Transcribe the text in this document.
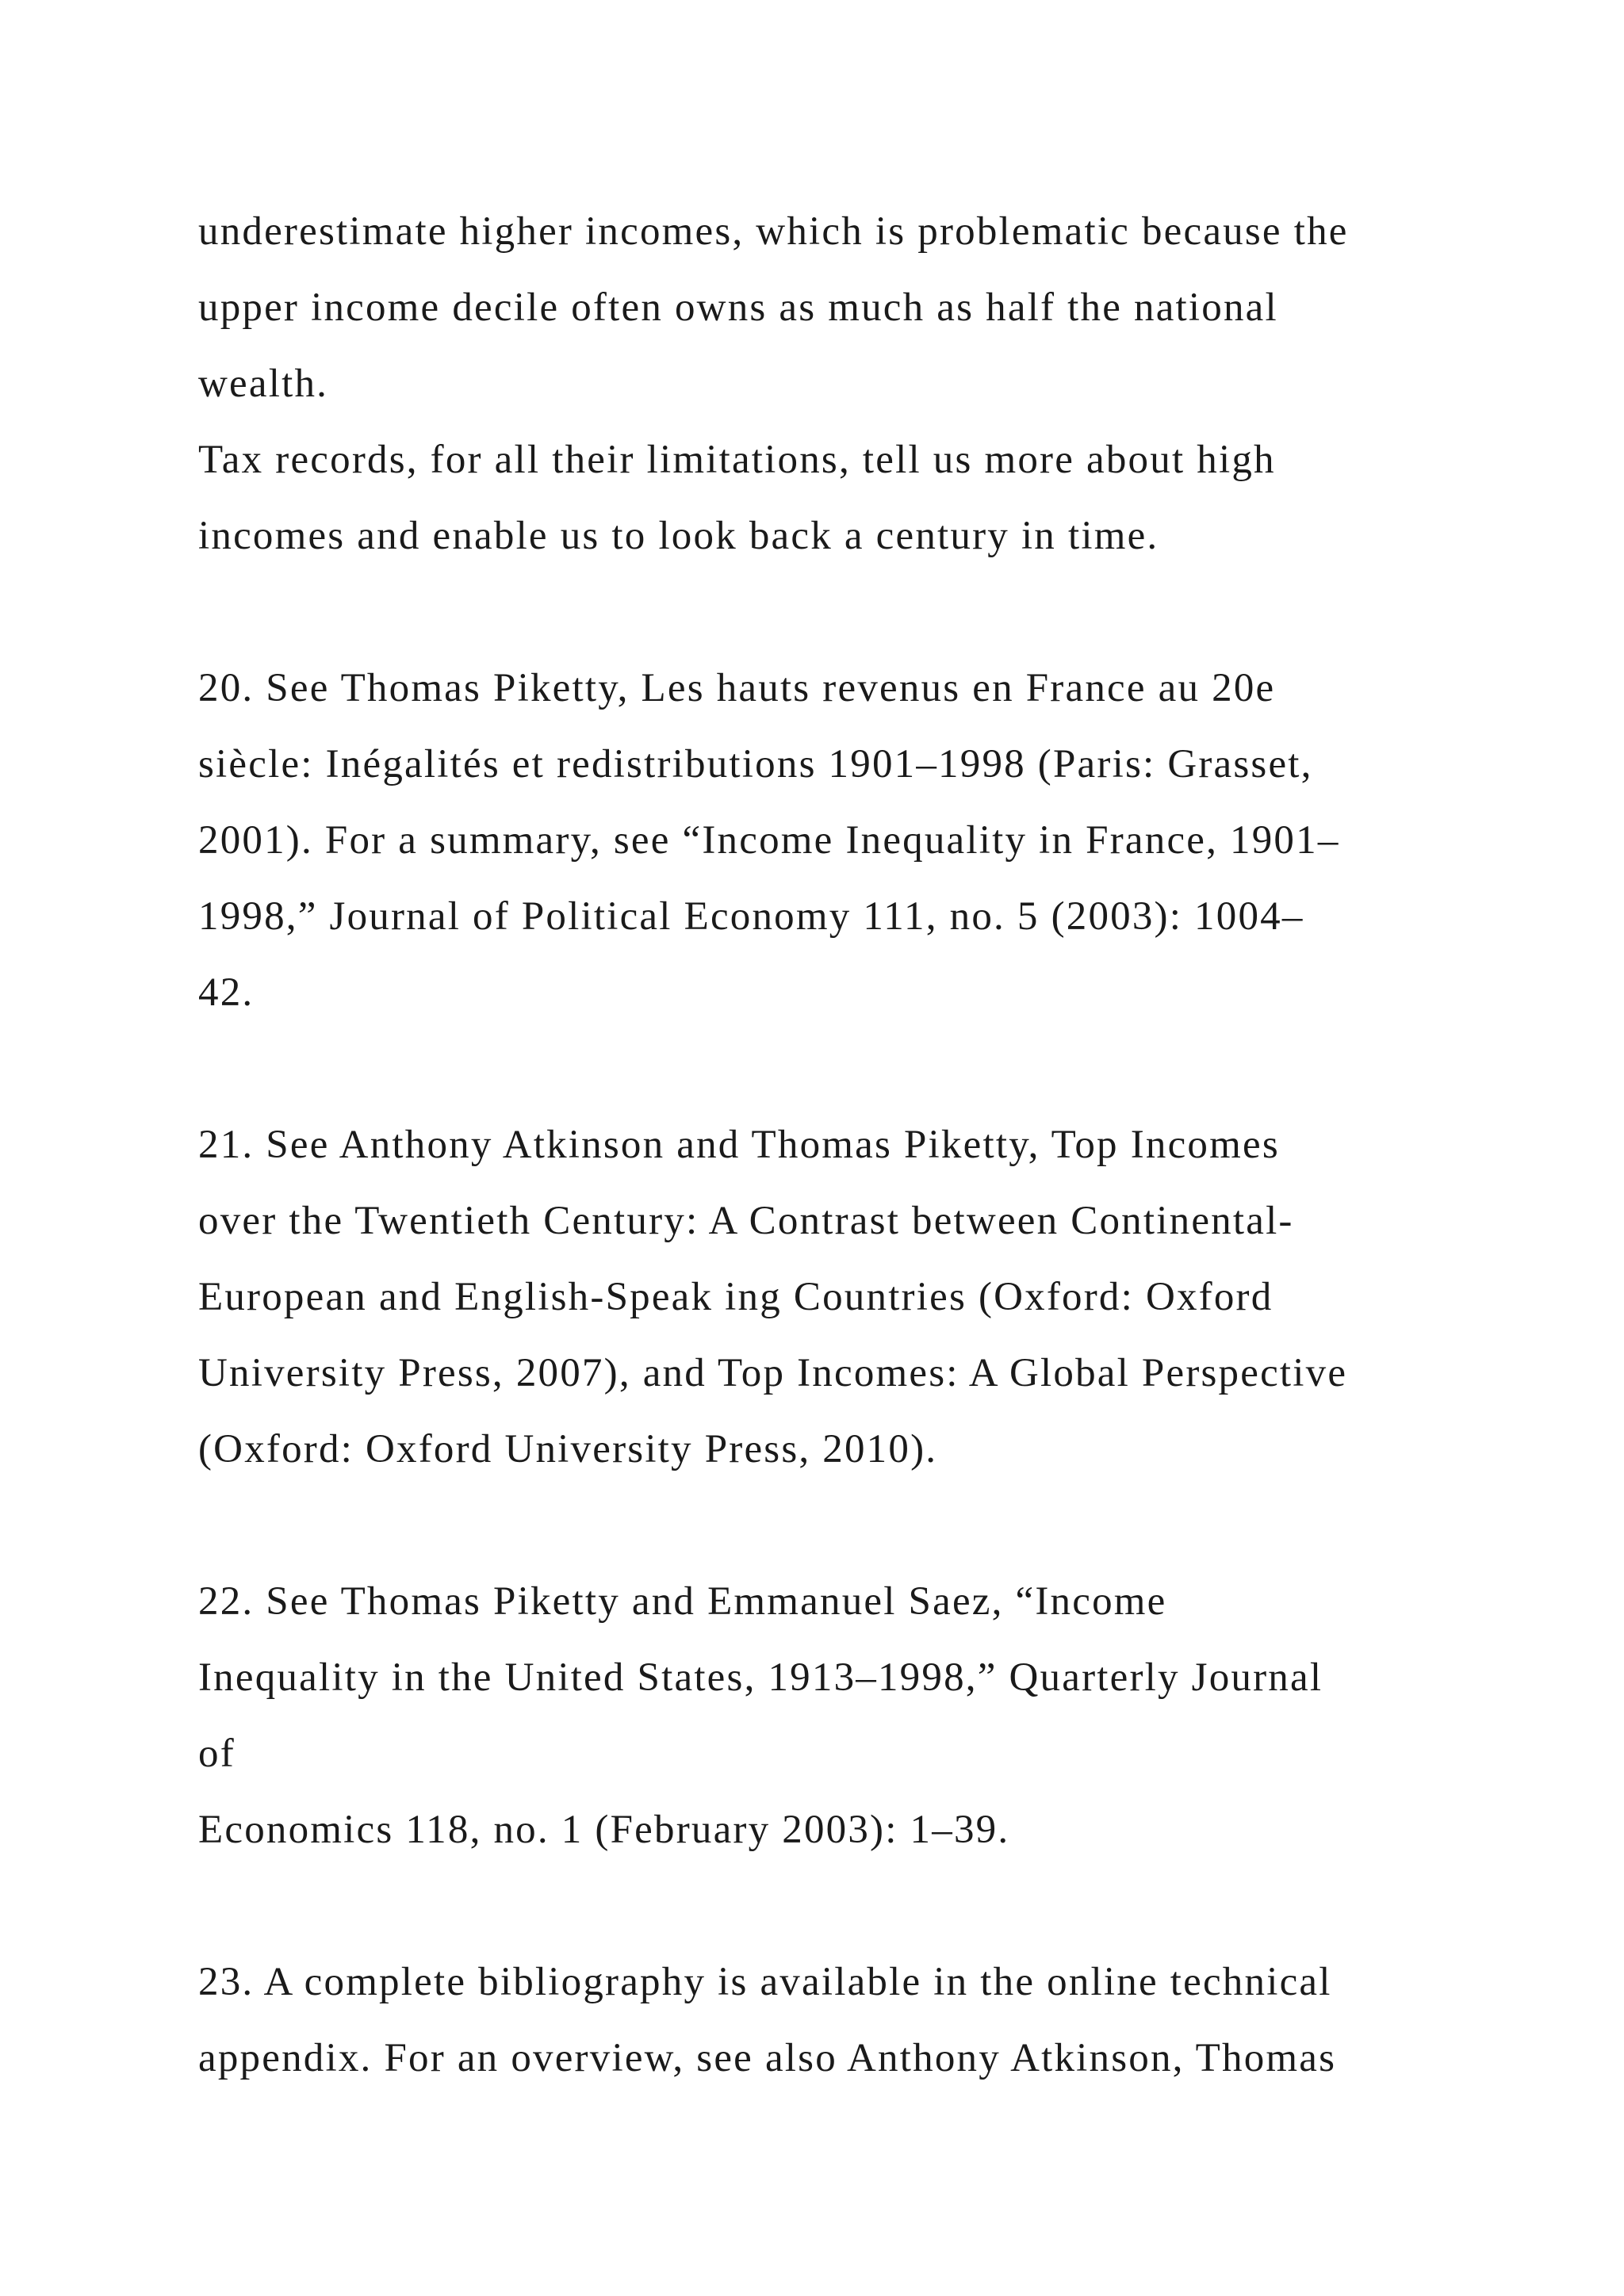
underestimate higher incomes, which is problematic because the
upper income decile often owns as much as half the national
wealth.
Tax records, for all their limitations, tell us more about high
incomes and enable us to look back a century in time.
20. See Thomas Piketty, Les hauts revenus en France au 20e
siècle: Inégalités et redistributions 1901–1998 (Paris: Grasset,
2001). For a summary, see “Income Inequality in France, 1901–
1998,” Journal of Political Economy 111, no. 5 (2003): 1004–
42.
21. See Anthony Atkinson and Thomas Piketty, Top Incomes
over the Twentieth Century: A Contrast between Continental-
European and English-Speak ing Countries (Oxford: Oxford
University Press, 2007), and Top Incomes: A Global Perspective
(Oxford: Oxford University Press, 2010).
22. See Thomas Piketty and Emmanuel Saez, “Income
Inequality in the United States, 1913–1998,” Quarterly Journal
of
Economics 118, no. 1 (February 2003): 1–39.
23. A complete bibliography is available in the online technical
appendix. For an overview, see also Anthony Atkinson, Thomas
